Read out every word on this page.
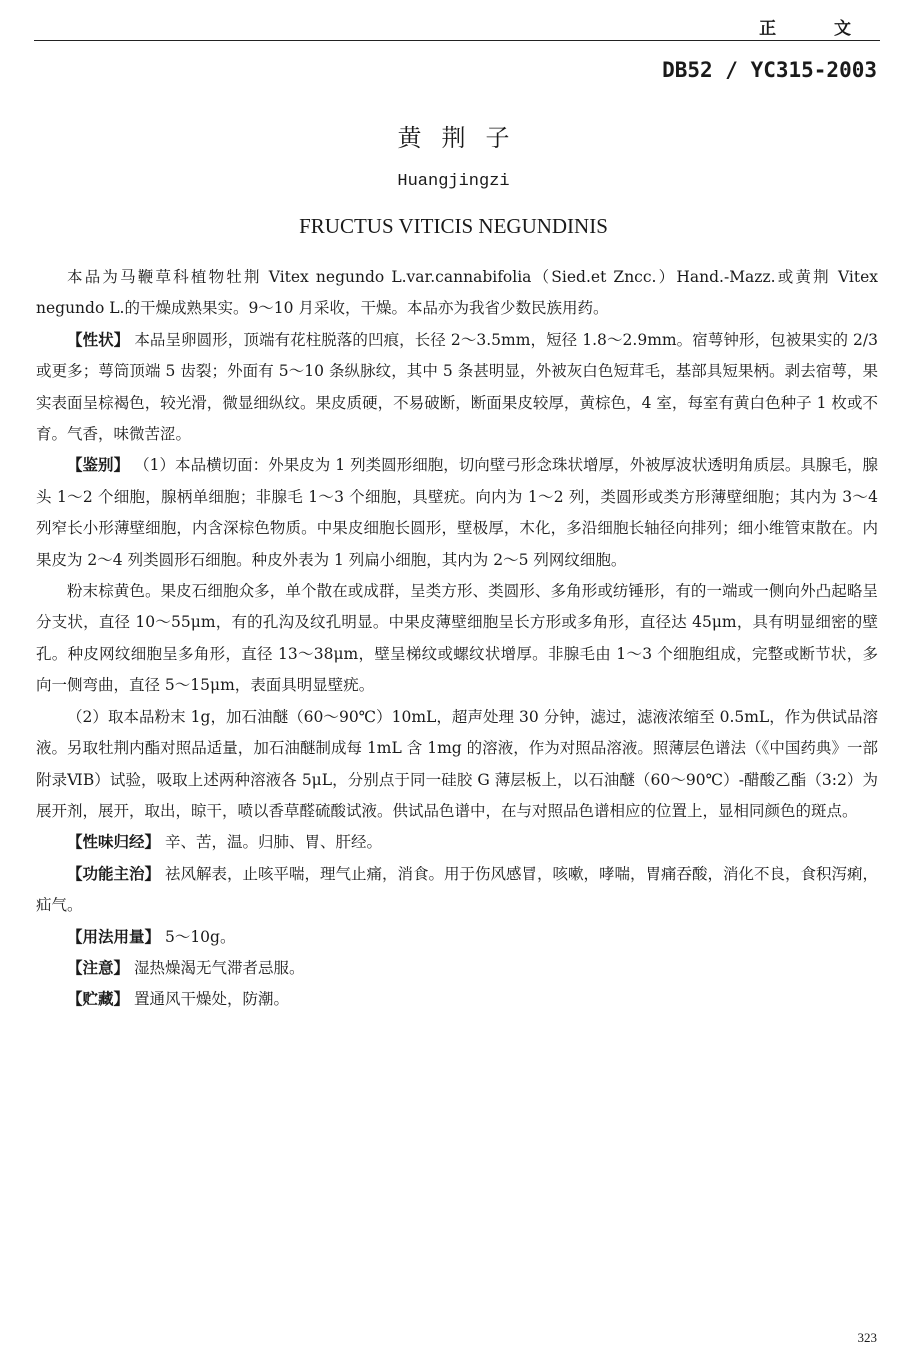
正 文
DB52 / YC315-2003
黄荆子
Huangjingzi
FRUCTUS VITICIS NEGUNDINIS

本品为马鞭草科植物牡荆 Vitex negundo L.var.cannabifolia（Sied.et Zncc.）Hand.-Mazz.或黄荆 Vitex negundo L.的干燥成熟果实。9～10 月采收，干燥。本品亦为我省少数民族用药。

【性状】 本品呈卵圆形，顶端有花柱脱落的凹痕，长径 2～3.5mm，短径 1.8～2.9mm。宿萼钟形，包被果实的 2/3 或更多；萼筒顶端 5 齿裂；外面有 5～10 条纵脉纹，其中 5 条甚明显，外被灰白色短茸毛，基部具短果柄。剥去宿萼，果实表面呈棕褐色，较光滑，微显细纵纹。果皮质硬，不易破断，断面果皮较厚，黄棕色，4 室，每室有黄白色种子 1 枚或不育。气香，味微苦涩。

【鉴别】 （1）本品横切面：外果皮为 1 列类圆形细胞，切向壁弓形念珠状增厚，外被厚波状透明角质层。具腺毛，腺头 1～2 个细胞，腺柄单细胞；非腺毛 1～3 个细胞，具壁疣。向内为 1～2 列，类圆形或类方形薄壁细胞；其内为 3～4 列窄长小形薄壁细胞，内含深棕色物质。中果皮细胞长圆形，壁极厚，木化，多沿细胞长轴径向排列；细小维管束散在。内果皮为 2～4 列类圆形石细胞。种皮外表为 1 列扁小细胞，其内为 2～5 列网纹细胞。

粉末棕黄色。果皮石细胞众多，单个散在或成群，呈类方形、类圆形、多角形或纺锤形，有的一端或一侧向外凸起略呈分支状，直径 10～55μm，有的孔沟及纹孔明显。中果皮薄壁细胞呈长方形或多角形，直径达 45μm，具有明显细密的壁孔。种皮网纹细胞呈多角形，直径 13～38μm，壁呈梯纹或螺纹状增厚。非腺毛由 1～3 个细胞组成，完整或断节状，多向一侧弯曲，直径 5～15μm，表面具明显壁疣。

（2）取本品粉末 1g，加石油醚（60～90℃）10mL，超声处理 30 分钟，滤过，滤液浓缩至 0.5mL，作为供试品溶液。另取牡荆内酯对照品适量，加石油醚制成每 1mL 含 1mg 的溶液，作为对照品溶液。照薄层色谱法（《中国药典》一部附录ⅥB）试验，吸取上述两种溶液各 5μL，分别点于同一硅胶 G 薄层板上，以石油醚（60～90℃）-醋酸乙酯（3:2）为展开剂，展开，取出，晾干，喷以香草醛硫酸试液。供试品色谱中，在与对照品色谱相应的位置上，显相同颜色的斑点。

【性味归经】 辛、苦，温。归肺、胃、肝经。

【功能主治】 祛风解表，止咳平喘，理气止痛，消食。用于伤风感冒，咳嗽，哮喘，胃痛吞酸，消化不良，食积泻痢，疝气。

【用法用量】 5～10g。

【注意】 湿热燥渴无气滞者忌服。

【贮藏】 置通风干燥处，防潮。

323
